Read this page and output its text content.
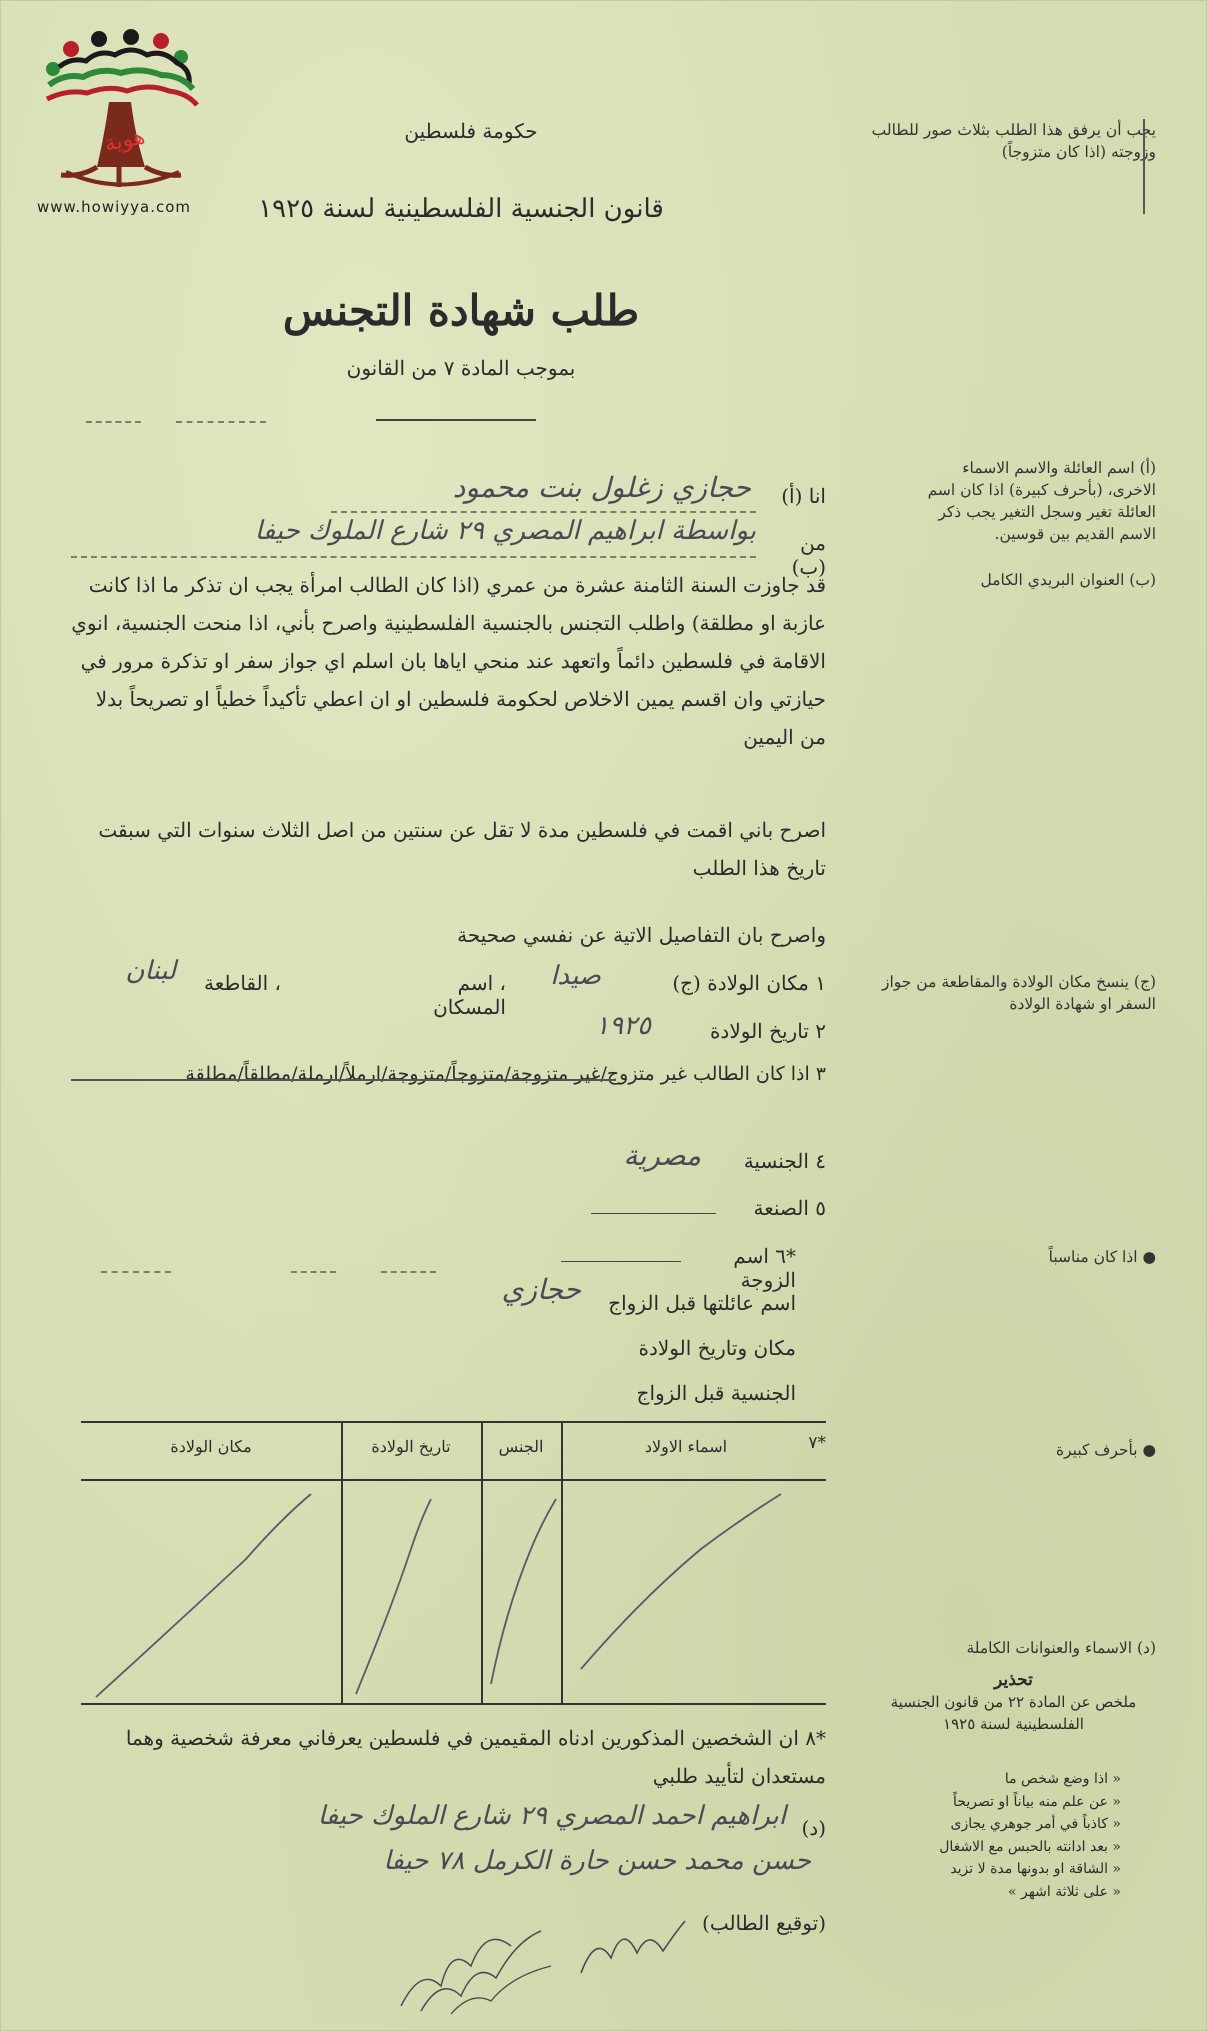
هوية
www.howiyya.com
حكومة فلسطين
قانون الجنسية الفلسطينية لسنة ١٩٢٥
طلب شهادة التجنس
بموجب المادة ٧ من القانون
يجب أن يرفق هذا الطلب بثلاث صور للطالب وزوجته (اذا كان متزوجاً)
(أ) اسم العائلة والاسم الاسماء الاخرى، (بأحرف كبيرة) اذا كان اسم العائلة تغير وسجل التغير يجب ذكر الاسم القديم بين قوسين.
(ب) العنوان البريدي الكامل
(ج) ينسخ مكان الولادة والمقاطعة من جواز السفر او شهادة الولادة
● اذا كان مناسباً
● بأحرف كبيرة
(د) الاسماء والعنوانات الكاملة
تحذير
ملخص عن المادة ٢٢ من قانون الجنسية الفلسطينية لسنة ١٩٢٥
« اذا وضع شخص ما
« عن علم منه بياناً او تصريحاً
« كاذباً في أمر جوهري يجازى
« بعد ادانته بالحبس مع الاشغال
« الشاقة او بدونها مدة لا تزيد
« على ثلاثة اشهر »
انا (أ)
حجازي زغلول بنت محمود
من (ب)
بواسطة ابراهيم المصري ٢٩ شارع الملوك حيفا
قد جاوزت السنة الثامنة عشرة من عمري (اذا كان الطالب امرأة يجب ان تذكر ما اذا كانت عازبة او مطلقة) واطلب التجنس بالجنسية الفلسطينية واصرح بأني، اذا منحت الجنسية، انوي الاقامة في فلسطين دائماً واتعهد عند منحي اياها بان اسلم اي جواز سفر او تذكرة مرور في حيازتي وان اقسم يمين الاخلاص لحكومة فلسطين او ان اعطي تأكيداً خطياً او تصريحاً بدلا من اليمين
اصرح باني اقمت في فلسطين مدة لا تقل عن سنتين من اصل الثلاث سنوات التي سبقت تاريخ هذا الطلب
واصرح بان التفاصيل الاتية عن نفسي صحيحة
١ مكان الولادة (ج)
صيدا
، اسم المسكان
، القاطعة
لبنان
٢ تاريخ الولادة
١٩٢٥
٣ اذا كان الطالب غير متزوج/غير متزوجة/متزوجاً/متزوجة/ارملاً/ارملة/مطلقاً/مطلقة
٤ الجنسية
مصرية
٥ الصنعة
*٦ اسم الزوجة
اسم عائلتها قبل الزواج
حجازي
مكان وتاريخ الولادة
الجنسية قبل الزواج
*٧
اسماء الاولاد
الجنس
تاريخ الولادة
مكان الولادة
*٨ ان الشخصين المذكورين ادناه المقيمين في فلسطين يعرفاني معرفة شخصية وهما مستعدان لتأييد طلبي
(د)
ابراهيم احمد المصري ٢٩ شارع الملوك حيفا
حسن محمد حسن حارة الكرمل ٧٨ حيفا
(توقيع الطالب)
